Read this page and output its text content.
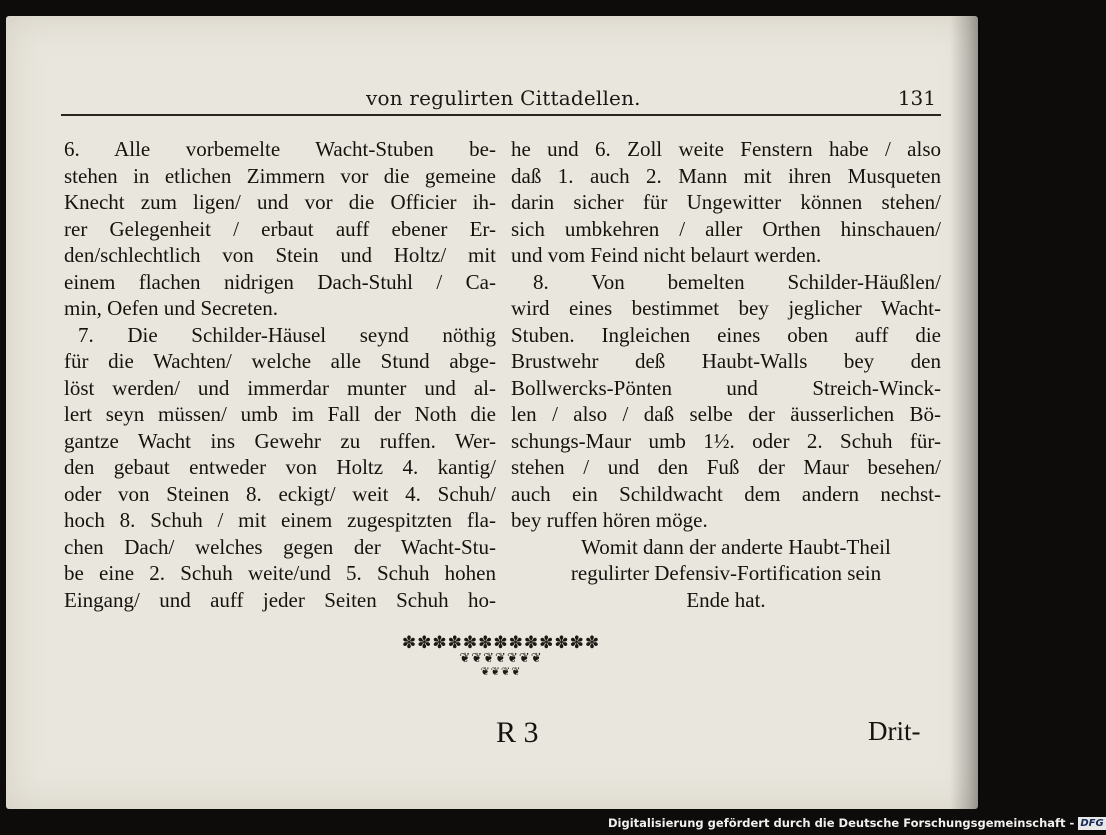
von regulirten Cittadellen.	131
6. Alle vorbemelte Wacht-Stuben be-
stehen in etlichen Zimmern vor die gemeine
Knecht zum ligen/ und vor die Officier ih-
rer Gelegenheit / erbaut auff ebener Er-
den/schlechtlich von Stein und Holtz/ mit
einem flachen nidrigen Dach-Stuhl / Ca-
min, Oefen und Secreten.
7. Die Schilder-Häusel seynd nöthig
für die Wachten/ welche alle Stund abge-
löst werden/ und immerdar munter und al-
lert seyn müssen/ umb im Fall der Noth die
gantze Wacht ins Gewehr zu ruffen. Wer-
den gebaut entweder von Holtz 4. kantig/
oder von Steinen 8. eckigt/ weit 4. Schuh/
hoch 8. Schuh / mit einem zugespitzten fla-
chen Dach/ welches gegen der Wacht-Stu-
be eine 2. Schuh weite/und 5. Schuh hohen
Eingang/ und auff jeder Seiten Schuh ho-
he und 6. Zoll weite Fenstern habe / also
daß 1. auch 2. Mann mit ihren Musqueten
darin sicher für Ungewitter können stehen/
sich umbkehren / aller Orthen hinschauen/
und vom Feind nicht belaurt werden.
8. Von bemelten Schilder-Häußlen/
wird eines bestimmet bey jeglicher Wacht-
Stuben. Ingleichen eines oben auff die
Brustwehr deß Haubt-Walls bey den
Bollwercks-Pönten und Streich-Winck-
len / also / daß selbe der äusserlichen Bö-
schungs-Maur umb 1½. oder 2. Schuh für-
stehen / und den Fuß der Maur besehen/
auch ein Schildwacht dem andern nechst-
bey ruffen hören möge.
Womit dann der anderte Haubt-Theil
regulirter Defensiv-Fortification sein
Ende hat.
✽✽✽✽✽✽✽✽✽✽✽✽✽
❦❦❦❦❦❦❦
❦❦❦❦
R 3	Drit-
Digitalisierung gefördert durch die Deutsche Forschungsgemeinschaft - DFG
